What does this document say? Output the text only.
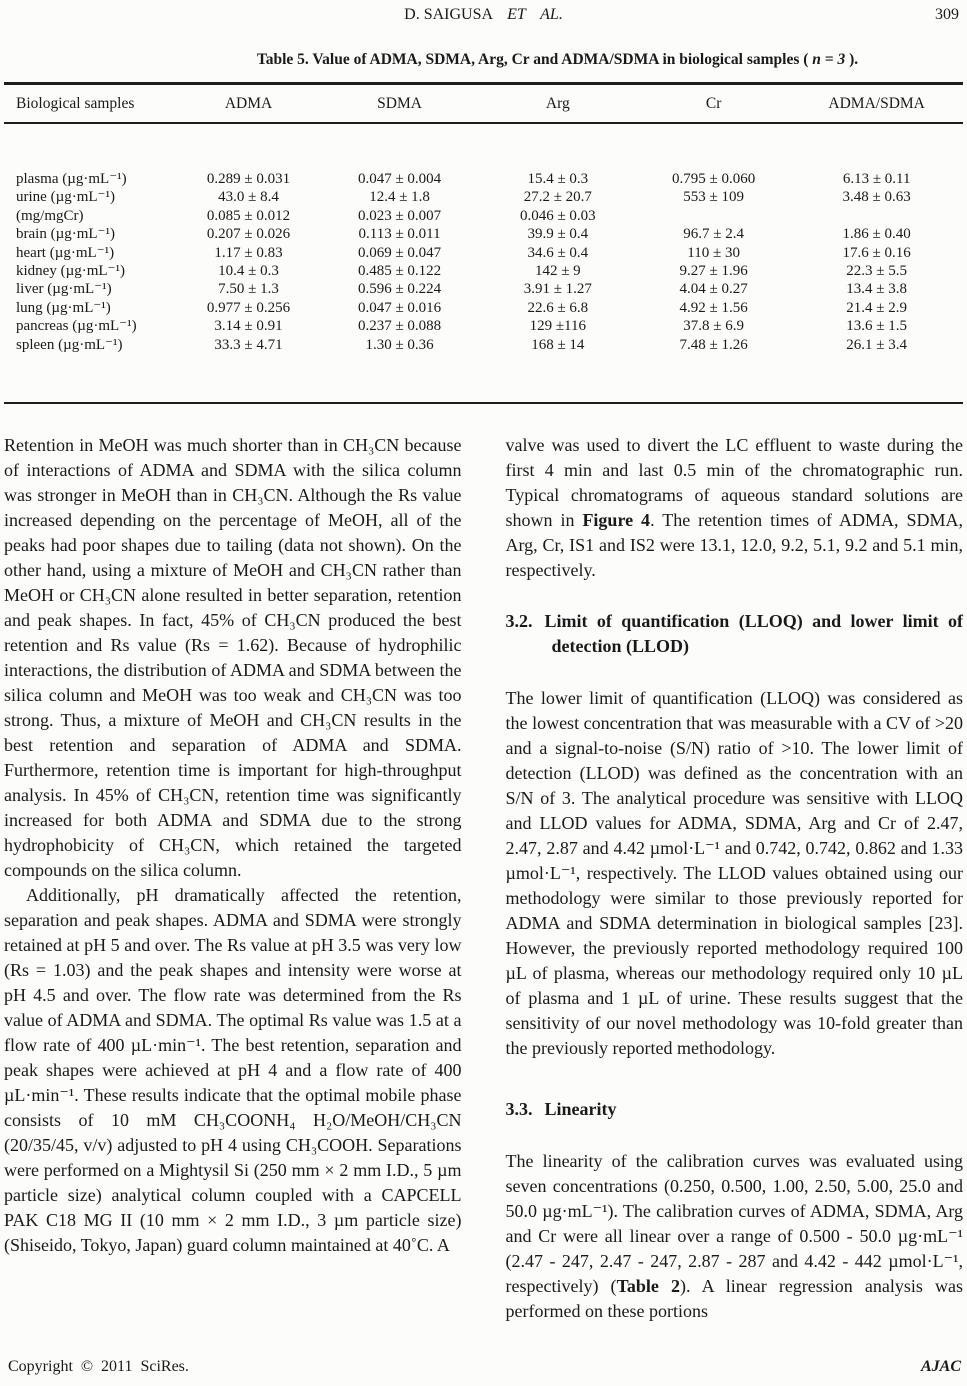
D. SAIGUSA ET AL.	309
Table 5. Value of ADMA, SDMA, Arg, Cr and ADMA/SDMA in biological samples ( n = 3 ).
Biological samples	ADMA	SDMA	Arg	Cr	ADMA/SDMA
plasma (µg·mL⁻¹)	0.289 ± 0.031	0.047 ± 0.004	15.4 ± 0.3	0.795 ± 0.060	6.13 ± 0.11
urine (µg·mL⁻¹)	43.0 ± 8.4	12.4 ± 1.8	27.2 ± 20.7	553 ± 109	3.48 ± 0.63
(mg/mgCr)	0.085 ± 0.012	0.023 ± 0.007	0.046 ± 0.03
brain (µg·mL⁻¹)	0.207 ± 0.026	0.113 ± 0.011	39.9 ± 0.4	96.7 ± 2.4	1.86 ± 0.40
heart (µg·mL⁻¹)	1.17 ± 0.83	0.069 ± 0.047	34.6 ± 0.4	110 ± 30	17.6 ± 0.16
kidney (µg·mL⁻¹)	10.4 ± 0.3	0.485 ± 0.122	142 ± 9	9.27 ± 1.96	22.3 ± 5.5
liver (µg·mL⁻¹)	7.50 ± 1.3	0.596 ± 0.224	3.91 ± 1.27	4.04 ± 0.27	13.4 ± 3.8
lung (µg·mL⁻¹)	0.977 ± 0.256	0.047 ± 0.016	22.6 ± 6.8	4.92 ± 1.56	21.4 ± 2.9
pancreas (µg·mL⁻¹)	3.14 ± 0.91	0.237 ± 0.088	129 ±116	37.8 ± 6.9	13.6 ± 1.5
spleen (µg·mL⁻¹)	33.3 ± 4.71	1.30 ± 0.36	168 ± 14	7.48 ± 1.26	26.1 ± 3.4

Retention in MeOH was much shorter than in CH₃CN because of interactions of ADMA and SDMA with the silica column was stronger in MeOH than in CH₃CN. Although the Rs value increased depending on the percentage of MeOH, all of the peaks had poor shapes due to tailing (data not shown). On the other hand, using a mixture of MeOH and CH₃CN rather than MeOH or CH₃CN alone resulted in better separation, retention and peak shapes. In fact, 45% of CH₃CN produced the best retention and Rs value (Rs = 1.62). Because of hydrophilic interactions, the distribution of ADMA and SDMA between the silica column and MeOH was too weak and CH₃CN was too strong. Thus, a mixture of MeOH and CH₃CN results in the best retention and separation of ADMA and SDMA. Furthermore, retention time is important for high-throughput analysis. In 45% of CH₃CN, retention time was significantly increased for both ADMA and SDMA due to the strong hydrophobicity of CH₃CN, which retained the targeted compounds on the silica column.

Additionally, pH dramatically affected the retention, separation and peak shapes. ADMA and SDMA were strongly retained at pH 5 and over. The Rs value at pH 3.5 was very low (Rs = 1.03) and the peak shapes and intensity were worse at pH 4.5 and over. The flow rate was determined from the Rs value of ADMA and SDMA. The optimal Rs value was 1.5 at a flow rate of 400 µL·min⁻¹. The best retention, separation and peak shapes were achieved at pH 4 and a flow rate of 400 µL·min⁻¹. These results indicate that the optimal mobile phase consists of 10 mM CH₃COONH₄ H₂O/MeOH/CH₃CN (20/35/45, v/v) adjusted to pH 4 using CH₃COOH. Separations were performed on a Mightysil Si (250 mm × 2 mm I.D., 5 µm particle size) analytical column coupled with a CAPCELL PAK C18 MG II (10 mm × 2 mm I.D., 3 µm particle size) (Shiseido, Tokyo, Japan) guard column maintained at 40˚C. A

valve was used to divert the LC effluent to waste during the first 4 min and last 0.5 min of the chromatographic run. Typical chromatograms of aqueous standard solutions are shown in Figure 4. The retention times of ADMA, SDMA, Arg, Cr, IS1 and IS2 were 13.1, 12.0, 9.2, 5.1, 9.2 and 5.1 min, respectively.

3.2. Limit of quantification (LLOQ) and lower limit of detection (LLOD)

The lower limit of quantification (LLOQ) was considered as the lowest concentration that was measurable with a CV of >20 and a signal-to-noise (S/N) ratio of >10. The lower limit of detection (LLOD) was defined as the concentration with an S/N of 3. The analytical procedure was sensitive with LLOQ and LLOD values for ADMA, SDMA, Arg and Cr of 2.47, 2.47, 2.87 and 4.42 µmol·L⁻¹ and 0.742, 0.742, 0.862 and 1.33 µmol·L⁻¹, respectively. The LLOD values obtained using our methodology were similar to those previously reported for ADMA and SDMA determination in biological samples [23]. However, the previously reported methodology required 100 µL of plasma, whereas our methodology required only 10 µL of plasma and 1 µL of urine. These results suggest that the sensitivity of our novel methodology was 10-fold greater than the previously reported methodology.

3.3. Linearity

The linearity of the calibration curves was evaluated using seven concentrations (0.250, 0.500, 1.00, 2.50, 5.00, 25.0 and 50.0 µg·mL⁻¹). The calibration curves of ADMA, SDMA, Arg and Cr were all linear over a range of 0.500 - 50.0 µg·mL⁻¹ (2.47 - 247, 2.47 - 247, 2.87 - 287 and 4.42 - 442 µmol·L⁻¹, respectively) (Table 2). A linear regression analysis was performed on these portions

Copyright © 2011 SciRes.	AJAC
